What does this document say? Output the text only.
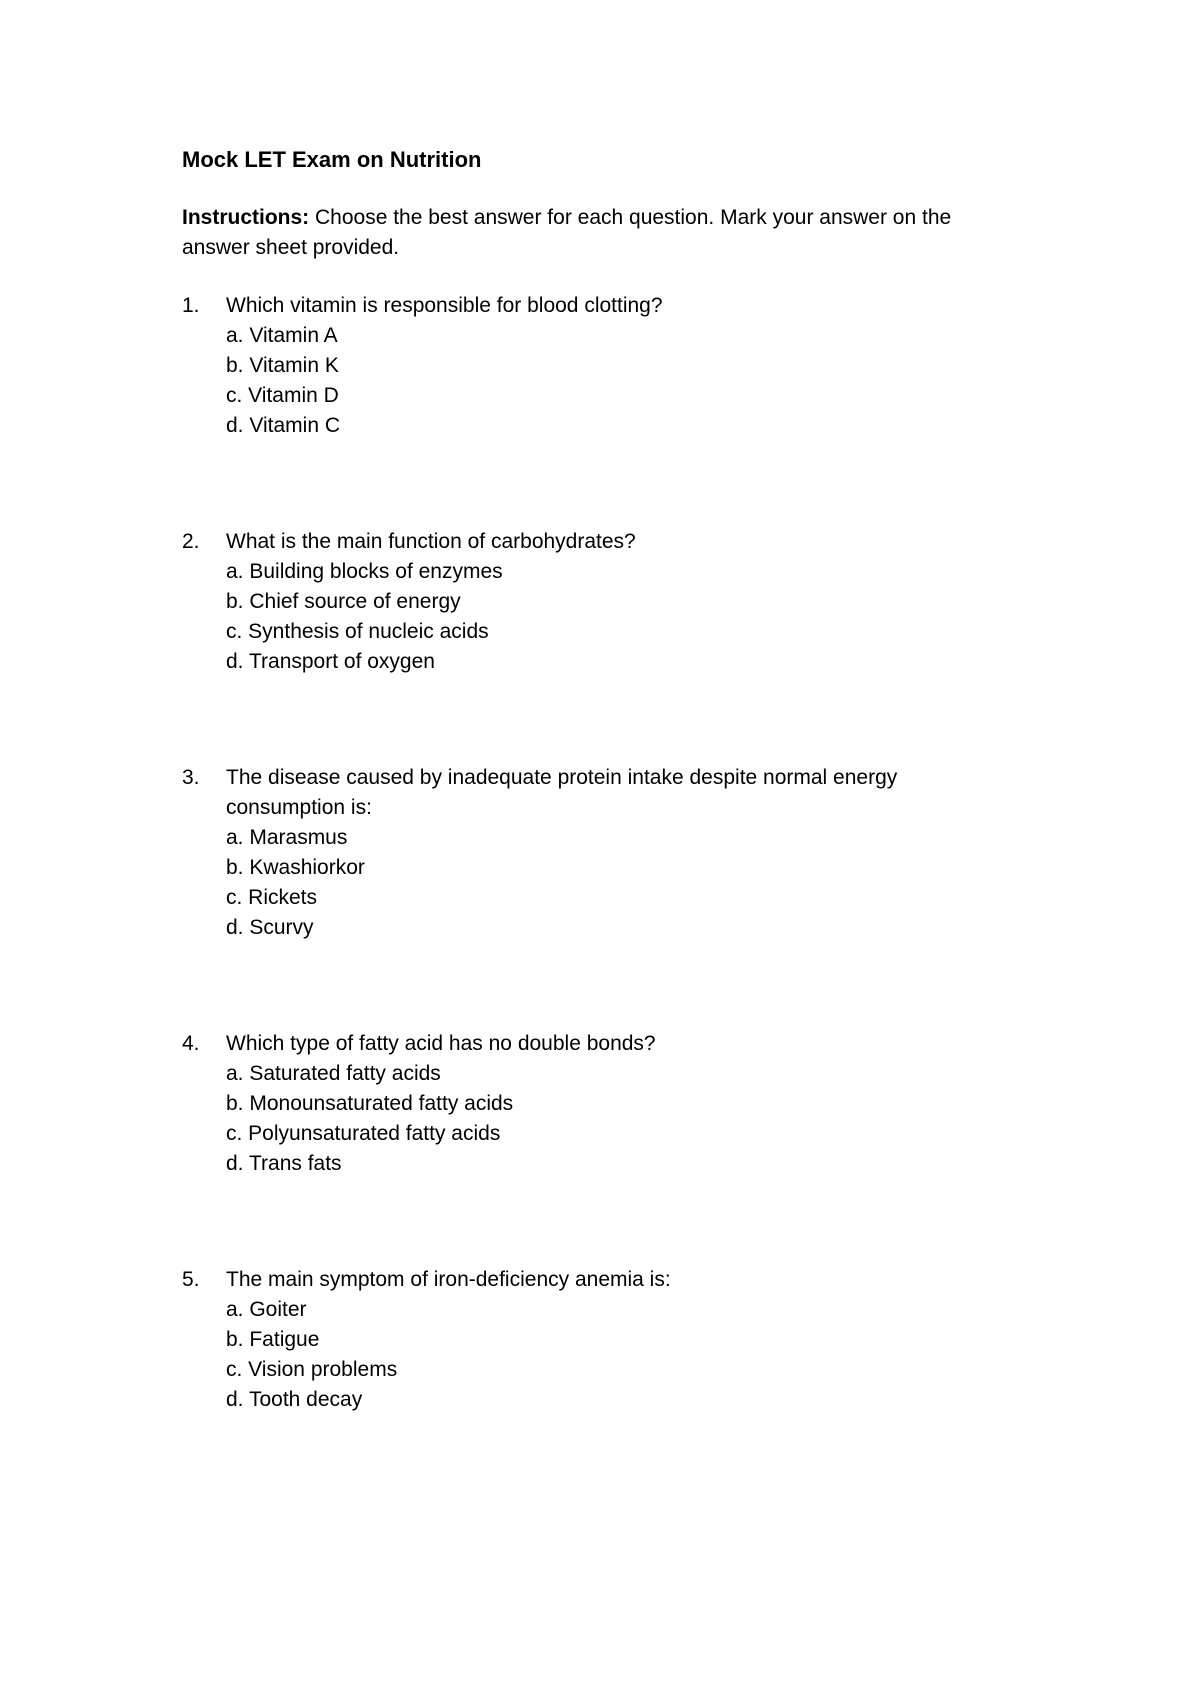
Mock LET Exam on Nutrition
Instructions: Choose the best answer for each question. Mark your answer on the answer sheet provided.
1.	Which vitamin is responsible for blood clotting?
a. Vitamin A
b. Vitamin K
c. Vitamin D
d. Vitamin C
2.	What is the main function of carbohydrates?
a. Building blocks of enzymes
b. Chief source of energy
c. Synthesis of nucleic acids
d. Transport of oxygen
3.	The disease caused by inadequate protein intake despite normal energy consumption is:
a. Marasmus
b. Kwashiorkor
c. Rickets
d. Scurvy
4.	Which type of fatty acid has no double bonds?
a. Saturated fatty acids
b. Monounsaturated fatty acids
c. Polyunsaturated fatty acids
d. Trans fats
5.	The main symptom of iron-deficiency anemia is:
a. Goiter
b. Fatigue
c. Vision problems
d. Tooth decay
